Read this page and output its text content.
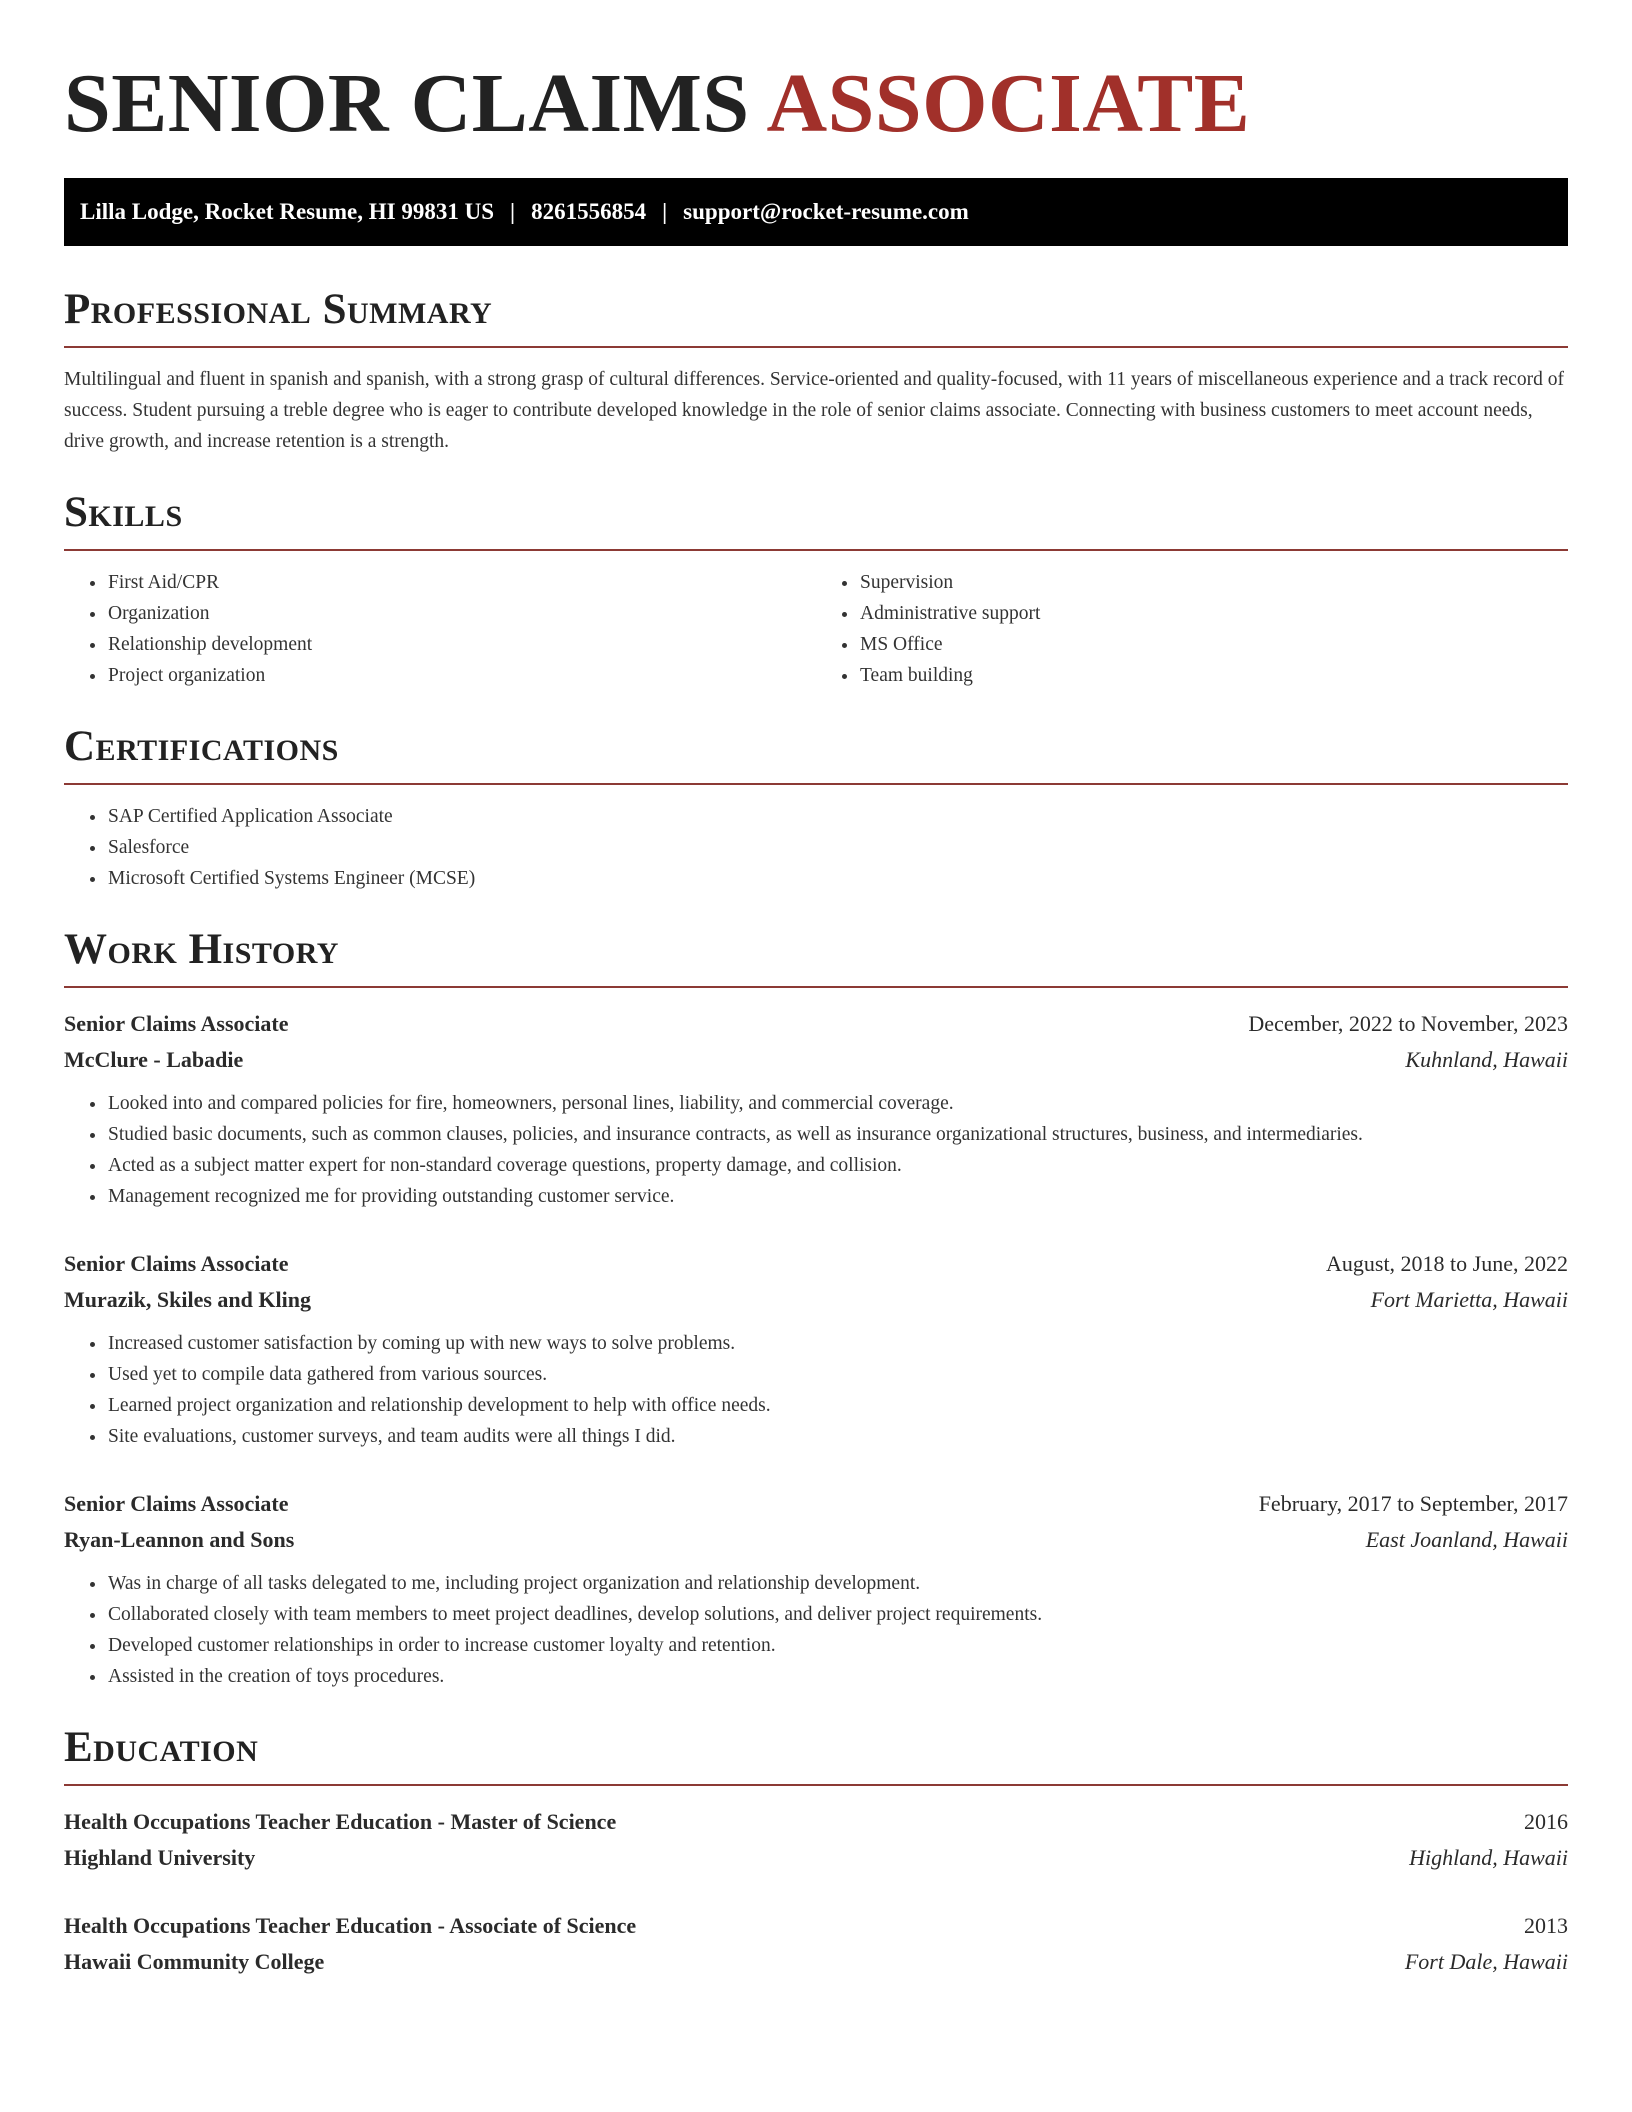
SENIOR CLAIMS ASSOCIATE
Lilla Lodge, Rocket Resume, HI 99831 US | 8261556854 | support@rocket-resume.com
Professional Summary

Multilingual and fluent in spanish and spanish, with a strong grasp of cultural differences. Service-oriented and quality-focused, with 11 years of miscellaneous experience and a track record of success. Student pursuing a treble degree who is eager to contribute developed knowledge in the role of senior claims associate. Connecting with business customers to meet account needs, drive growth, and increase retention is a strength.

Skills
• First Aid/CPR
• Organization
• Relationship development
• Project organization
• Supervision
• Administrative support
• MS Office
• Team building
Certifications
• SAP Certified Application Associate
• Salesforce
• Microsoft Certified Systems Engineer (MCSE)
Work History
Senior Claims Associate	December, 2022 to November, 2023
McClure - Labadie	Kuhnland, Hawaii
• Looked into and compared policies for fire, homeowners, personal lines, liability, and commercial coverage.
• Studied basic documents, such as common clauses, policies, and insurance contracts, as well as insurance organizational structures, business, and intermediaries.
• Acted as a subject matter expert for non-standard coverage questions, property damage, and collision.
• Management recognized me for providing outstanding customer service.
Senior Claims Associate	August, 2018 to June, 2022
Murazik, Skiles and Kling	Fort Marietta, Hawaii
• Increased customer satisfaction by coming up with new ways to solve problems.
• Used yet to compile data gathered from various sources.
• Learned project organization and relationship development to help with office needs.
• Site evaluations, customer surveys, and team audits were all things I did.
Senior Claims Associate	February, 2017 to September, 2017
Ryan-Leannon and Sons	East Joanland, Hawaii
• Was in charge of all tasks delegated to me, including project organization and relationship development.
• Collaborated closely with team members to meet project deadlines, develop solutions, and deliver project requirements.
• Developed customer relationships in order to increase customer loyalty and retention.
• Assisted in the creation of toys procedures.
Education
Health Occupations Teacher Education - Master of Science	2016
Highland University	Highland, Hawaii
Health Occupations Teacher Education - Associate of Science	2013
Hawaii Community College	Fort Dale, Hawaii
